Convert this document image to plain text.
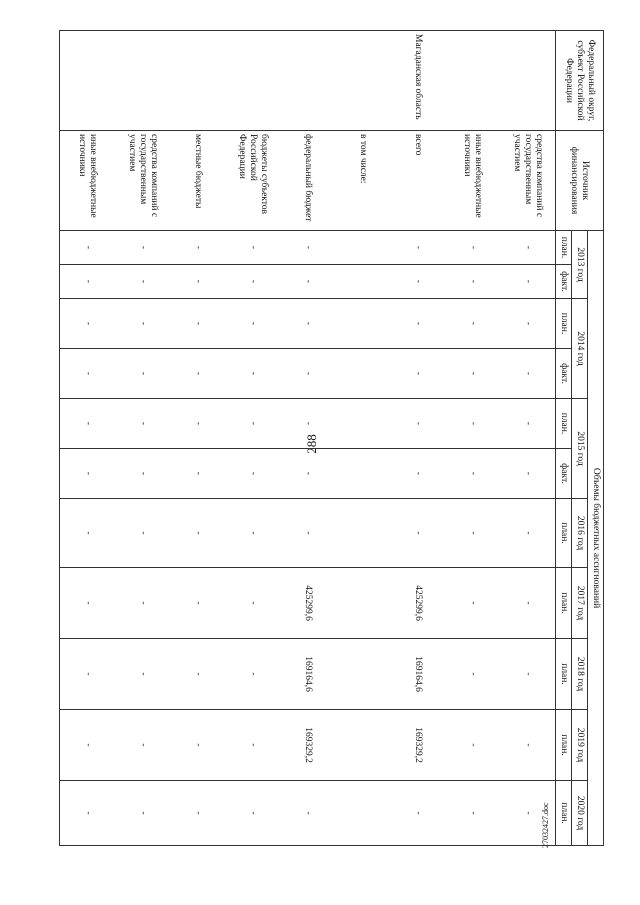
288
27032427.doc
Федеральный округ, субъект Российской Федерации	Источник финансирования	Объемы бюджетных ассигнований										
		2013 год		2014 год		2015 год		2016 год	2017 год	2018 год	2019 год	2020 год
		план.	факт.	план.	факт.	план.	факт.	план.	план.	план.	план.	план.
	средства компаний с государственным участием	-	-	-	-	-	-	-	-	-	-	-
	иные внебюджетные источники	-	-	-	-	-	-	-	-	-	-	-
Магаданская область	всего	-	-	-	-	-	-	-	425299,6	169164,6	169329,2	-
	в том числе:											
	федеральный бюджет	-	-	-	-	-	-	-	425299,6	169164,6	169329,2	-
	бюджеты субъектов Российской Федерации	-	-	-	-	-	-	-	-	-	-	-
	местные бюджеты	-	-	-	-	-	-	-	-	-	-	-
	средства компаний с государственным участием	-	-	-	-	-	-	-	-	-	-	-
	иные внебюджетные источники	-	-	-	-	-	-	-	-	-	-	-
